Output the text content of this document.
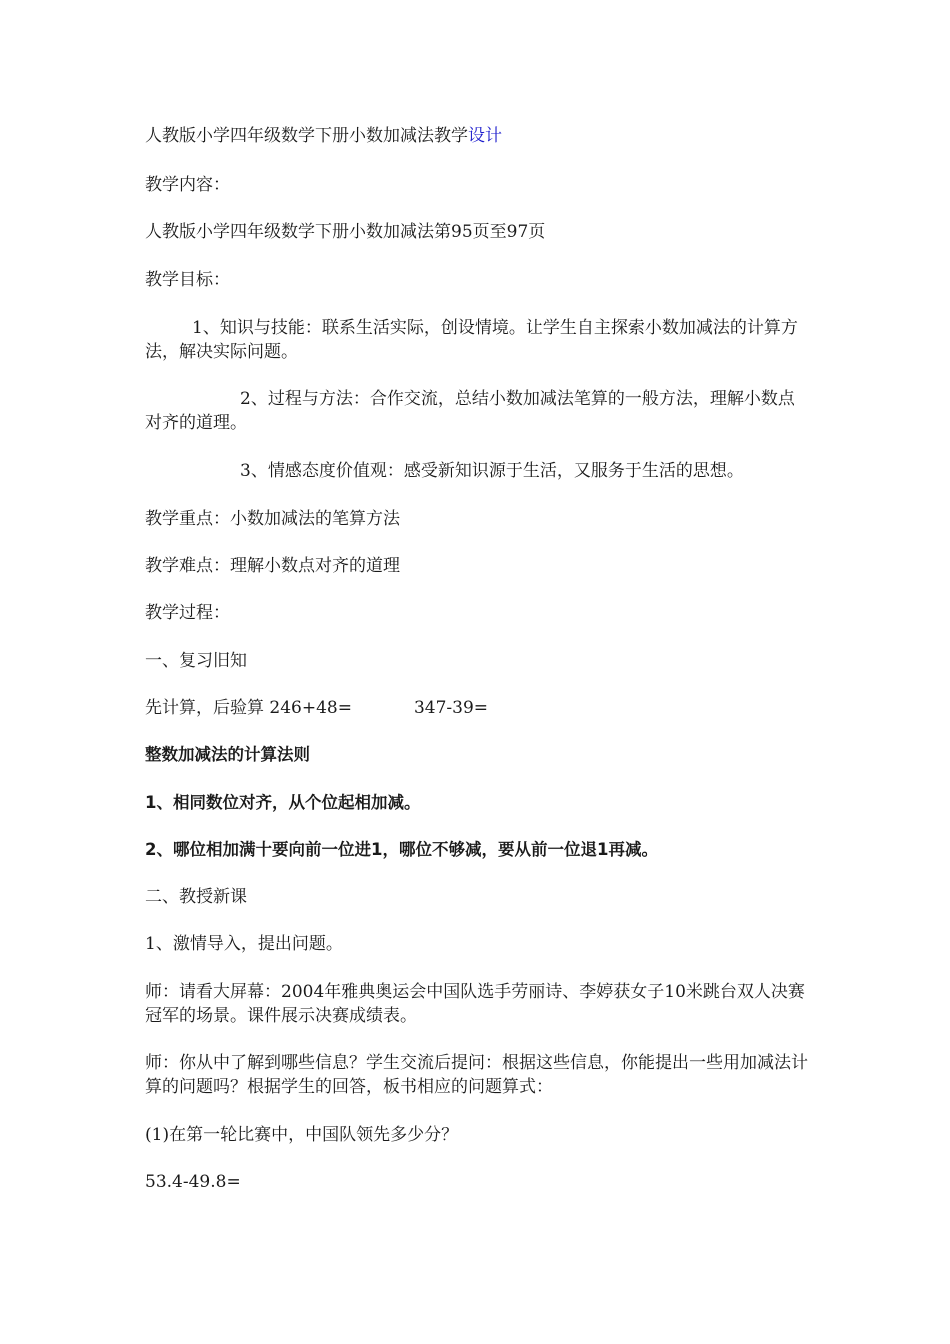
人教版小学四年级数学下册小数加减法教学设计
教学内容：
人教版小学四年级数学下册小数加减法第95页至97页
教学目标：
1、知识与技能：联系生活实际，创设情境。让学生自主探索小数加减法的计算方法，解决实际问题。
2、过程与方法：合作交流，总结小数加减法笔算的一般方法，理解小数点对齐的道理。
3、情感态度价值观：感受新知识源于生活，又服务于生活的思想。
教学重点：小数加减法的笔算方法
教学难点：理解小数点对齐的道理
教学过程：
一、复习旧知
先计算，后验算 246+48=	347-39=
整数加减法的计算法则
1、相同数位对齐，从个位起相加减。
2、哪位相加满十要向前一位进1，哪位不够减，要从前一位退1再减。
二、教授新课
1、激情导入，提出问题。
师：请看大屏幕：2004年雅典奥运会中国队选手劳丽诗、李婷获女子10米跳台双人决赛冠军的场景。课件展示决赛成绩表。
师：你从中了解到哪些信息？学生交流后提问：根据这些信息，你能提出一些用加减法计算的问题吗？根据学生的回答，板书相应的问题算式：
(1)在第一轮比赛中，中国队领先多少分？
53.4-49.8=
